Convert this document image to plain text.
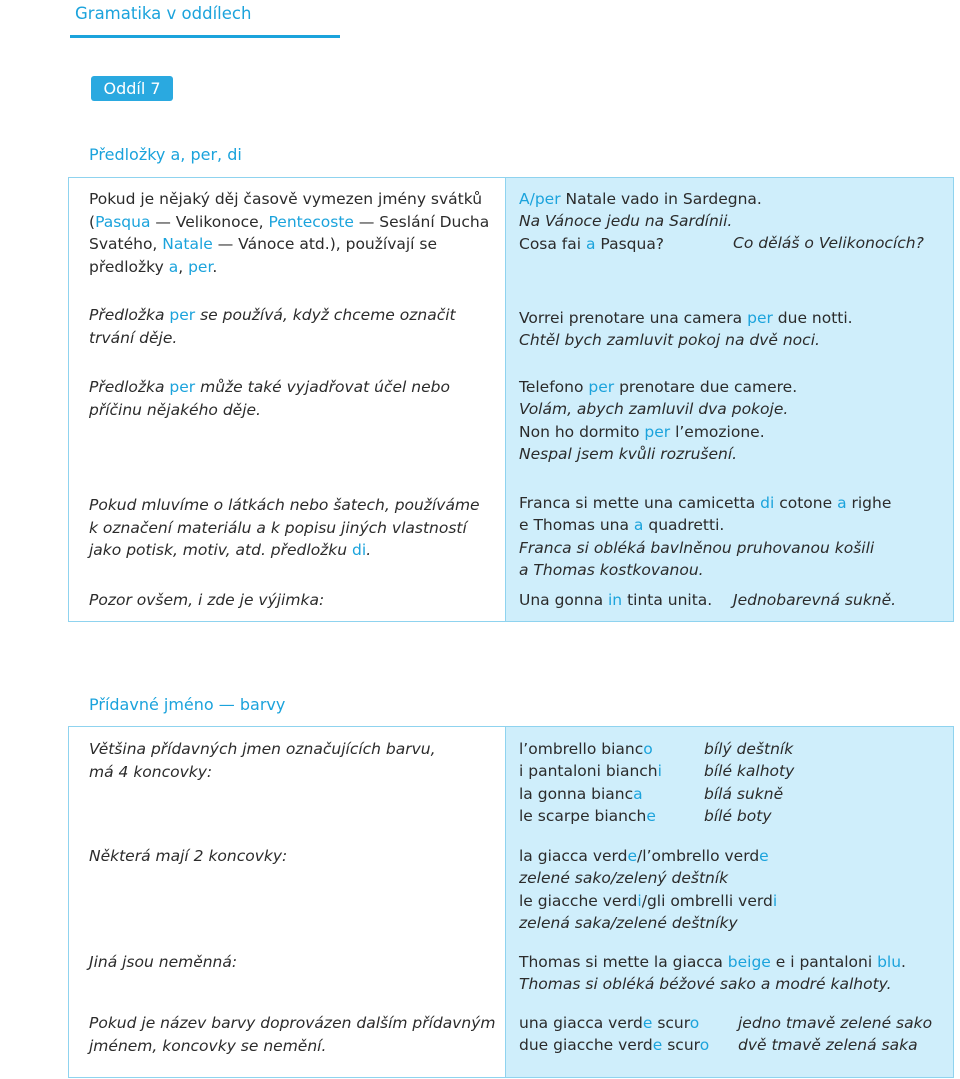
Gramatika v oddílech
Oddíl 7
Předložky a, per, di
Pokud je nějaký děj časově vymezen jmény svátků
(Pasqua — Velikonoce, Pentecoste — Seslání Ducha
Svatého, Natale — Vánoce atd.), používají se
předložky a, per.
Předložka per se používá, když chceme označit
trvání děje.
Předložka per může také vyjadřovat účel nebo
příčinu nějakého děje.
Pokud mluvíme o látkách nebo šatech, používáme
k označení materiálu a k popisu jiných vlastností
jako potisk, motiv, atd. předložku di.
Pozor ovšem, i zde je výjimka:
A/per Natale vado in Sardegna.
Na Vánoce jedu na Sardínii.
Cosa fai a Pasqua?	Co děláš o Velikonocích?
Vorrei prenotare una camera per due notti.
Chtěl bych zamluvit pokoj na dvě noci.
Telefono per prenotare due camere.
Volám, abych zamluvil dva pokoje.
Non ho dormito per l’emozione.
Nespal jsem kvůli rozrušení.
Franca si mette una camicetta di cotone a righe
e Thomas una a quadretti.
Franca si obléká bavlněnou pruhovanou košili
a Thomas kostkovanou.
Una gonna in tinta unita. Jednobarevná sukně.
Přídavné jméno — barvy
Většina přídavných jmen označujících barvu,
má 4 koncovky:
Některá mají 2 koncovky:
Jiná jsou neměnná:
Pokud je název barvy doprovázen dalším přídavným
jménem, koncovky se nemění.
l’ombrello bianco
i pantaloni bianchi
la gonna bianca
le scarpe bianche
bílý deštník
bílé kalhoty
bílá sukně
bílé boty
la giacca verde/l’ombrello verde
zelené sako/zelený deštník
le giacche verdi/gli ombrelli verdi
zelená saka/zelené deštníky
Thomas si mette la giacca beige e i pantaloni blu.
Thomas si obléká béžové sako a modré kalhoty.
una giacca verde scuro
due giacche verde scuro
jedno tmavě zelené sako
dvě tmavě zelená saka
